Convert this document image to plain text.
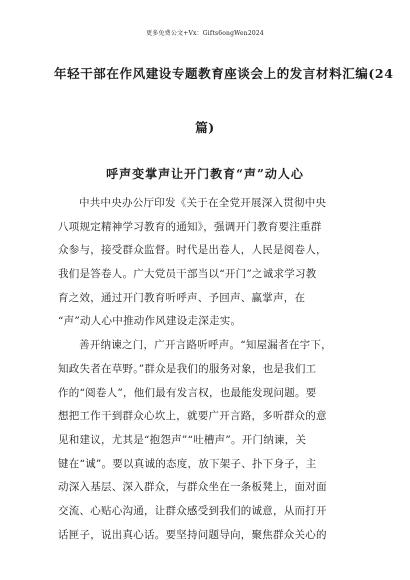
更多免费公文+Vx：Gifts6ongWen2024
年轻干部在作风建设专题教育座谈会上的发言材料汇编(24
篇)
呼声变掌声让开门教育“声”动人心
中共中央办公厅印发《关于在全党开展深入贯彻中央
八项规定精神学习教育的通知》，强调开门教育要注重群
众参与，接受群众监督。时代是出卷人，人民是阅卷人，
我们是答卷人。广大党员干部当以“开门”之诚求学习教
育之效，通过开门教育听呼声、予回声、赢掌声，在
“声”动人心中推动作风建设走深走实。
善开纳谏之门，广开言路听呼声。“知屋漏者在宇下，
知政失者在草野。”群众是我们的服务对象，也是我们工
作的“阅卷人”，他们最有发言权，也最能发现问题。要
想把工作干到群众心坎上，就要广开言路，多听群众的意
见和建议，尤其是“抱怨声”“吐槽声”。开门纳谏，关
键在“诚”。要以真诚的态度，放下架子、扑下身子，主
动深入基层、深入群众，与群众坐在一条板凳上，面对面
交流、心贴心沟通，让群众感受到我们的诚意，从而打开
话匣子，说出真心话。要坚持问题导向，聚焦群众关心的
